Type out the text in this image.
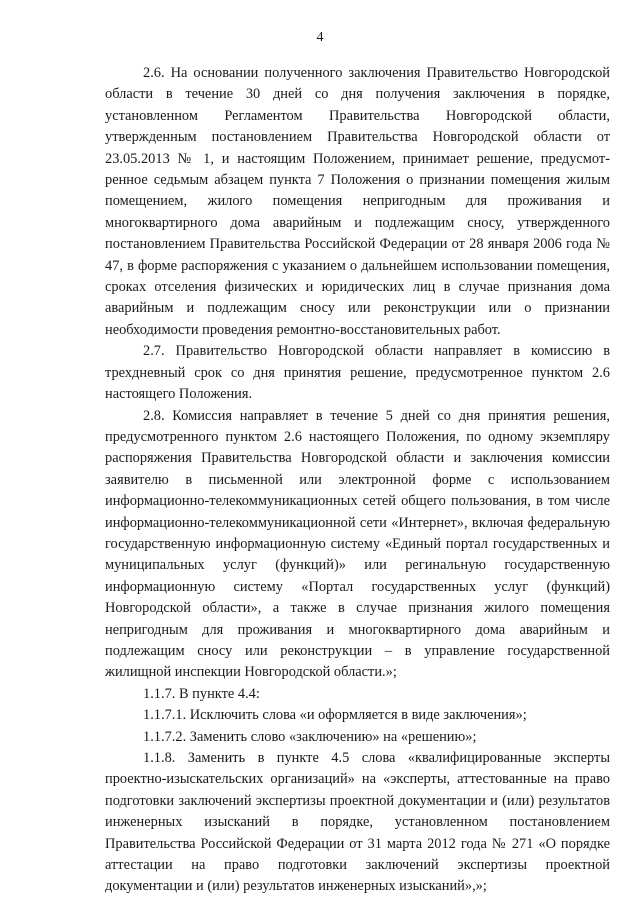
4

2.6. На основании полученного заключения Правительство Новгородской области в течение 30 дней со дня получения заключения в порядке, установленном Регламентом Правительства Новгородской области, утвержденным постановлением Правительства Новгородской области от 23.05.2013 № 1, и настоящим Положением, принимает решение, предусмотренное седьмым абзацем пункта 7 Положения о признании помещения жилым помещением, жилого помещения непригодным для проживания и многоквартирного дома аварийным и подлежащим сносу, утвержденного постановлением Правительства Российской Федерации от 28 января 2006 года № 47, в форме распоряжения с указанием о дальнейшем использовании помещения, сроках отселения физических и юридических лиц в случае признания дома аварийным и подлежащим сносу или реконструкции или о признании необходимости проведения ремонтно-восстановительных работ.

2.7. Правительство Новгородской области направляет в комиссию в трехдневный срок со дня принятия решение, предусмотренное пунктом 2.6 настоящего Положения.

2.8. Комиссия направляет в течение 5 дней со дня принятия решения, предусмотренного пунктом 2.6 настоящего Положения, по одному экземпляру распоряжения Правительства Новгородской области и заключения комиссии заявителю в письменной или электронной форме с использованием информационно-телекоммуникационных сетей общего пользования, в том числе информационно-телекоммуникационной сети «Интернет», включая федеральную государственную информационную систему «Единый портал государственных и муниципальных услуг (функций)» или регинальную государственную информационную систему «Портал государственных услуг (функций) Новгородской области», а также в случае признания жилого помещения непригодным для проживания и многоквартирного дома аварийным и подлежащим сносу или реконструкции – в управление государственной жилищной инспекции Новгородской области.»;

1.1.7. В пункте 4.4:

1.1.7.1. Исключить слова «и оформляется в виде заключения»;

1.1.7.2. Заменить слово «заключению» на «решению»;

1.1.8. Заменить в пункте 4.5 слова «квалифицированные эксперты проектно-изыскательских организаций» на «эксперты, аттестованные на право подготовки заключений экспертизы проектной документации и (или) результатов инженерных изысканий в порядке, установленном постановлением Правительства Российской Федерации от 31 марта 2012 года № 271 «О порядке аттестации на право подготовки заключений экспертизы проектной документации и (или) результатов инженерных изысканий»,»;
